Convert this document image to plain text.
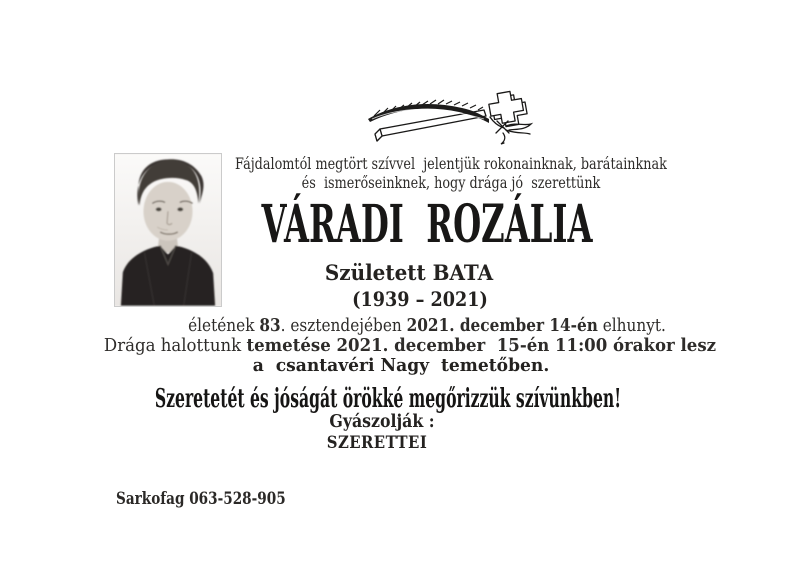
Fájdalomtól megtört szívvel  jelentjük rokonainknak, barátainknak
és  ismerőseinknek, hogy drága jó  szerettünk
VÁRADI  ROZÁLIA
Született BATA
(1939 – 2021)
életének 83. esztendejében 2021. december 14-én elhunyt.
Drága halottunk temetése 2021. december  15-én 11:00 órakor lesz
a  csantavéri Nagy  temetőben.
Szeretetét és jóságát örökké megőrizzük szívünkben!
Gyászolják :
SZERETTEI
Sarkofag 063-528-905
